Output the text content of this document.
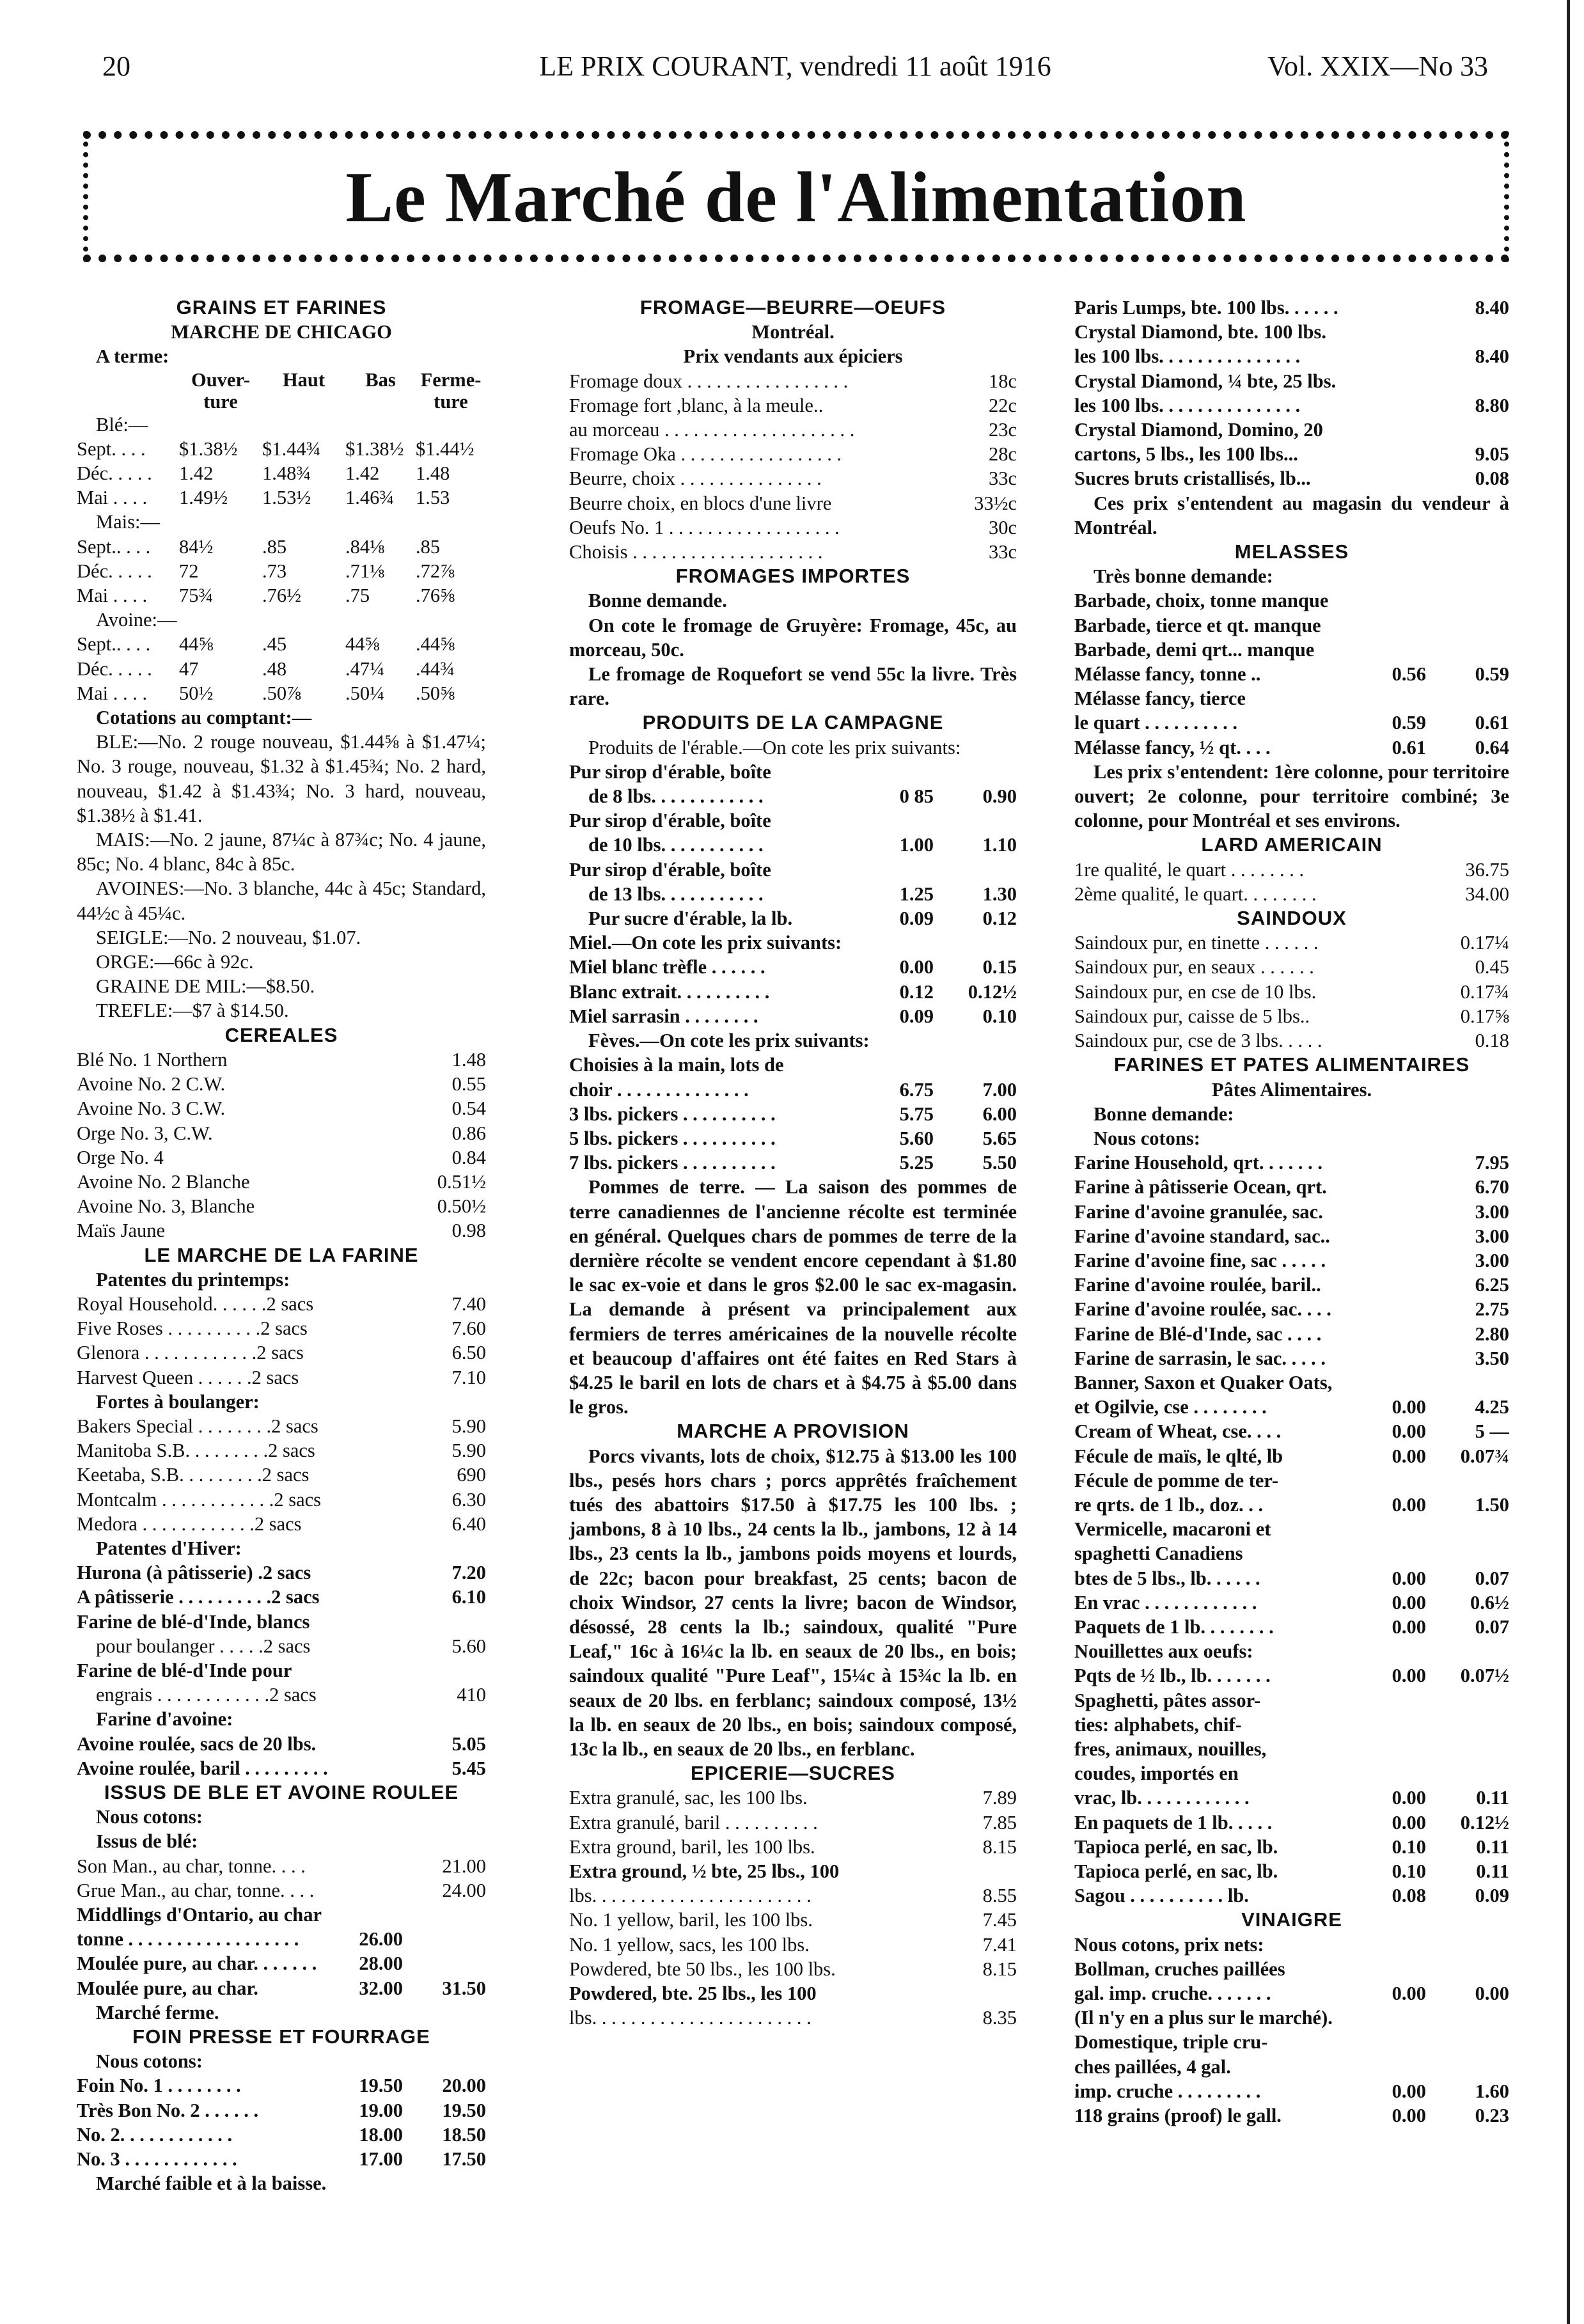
20	LE PRIX COURANT, vendredi 11 août 1916	Vol. XXIX—No 33
Le Marché de l'Alimentation
GRAINS ET FARINES
MARCHE DE CHICAGO
A terme:
Ouver-
ture
Haut	Bas	Ferme-
ture
Blé:—
Sept. . . .	$1.38½	$1.44¾	$1.38½ $1.44½
Déc. . . . .	1.42	1.48¾	1.42	1.48
Mai . . . .	1.49½	1.53½	1.46¾	1.53
Mais:—
Sept.. . . .	84½	.85	.84⅛	.85
Déc. . . . .	72	.73	.71⅛	.72⅞
Mai . . . .	75¾	.76½	.75	.76⅝
Avoine:—
Sept.. . . .	44⅝	.45	44⅝	.44⅝
Déc. . . . .	47	.48	.47¼	.44¾
Mai . . . .	50½	.50⅞	.50¼	.50⅝
Cotations au comptant:—
BLE:—No. 2 rouge nouveau, $1.44⅝ à $1.47¼; No. 3 rouge, nouveau, $1.32 à $1.45¾; No. 2 hard, nouveau, $1.42 à $1.43¾; No. 3 hard, nouveau, $1.38½ à $1.41.
MAIS:—No. 2 jaune, 87¼c à 87¾c; No. 4 jaune, 85c; No. 4 blanc, 84c à 85c.
AVOINES:—No. 3 blanche, 44c à 45c; Standard, 44½c à 45¼c.
SEIGLE:—No. 2 nouveau, $1.07.
ORGE:—66c à 92c.
GRAINE DE MIL:—$8.50.
TREFLE:—$7 à $14.50.
CEREALES
Blé No. 1 Northern	1.48
Avoine No. 2 C.W.	0.55
Avoine No. 3 C.W.	0.54
Orge No. 3, C.W.	0.86
Orge No. 4	0.84
Avoine No. 2 Blanche	0.51½
Avoine No. 3, Blanche	0.50½
Maïs Jaune	0.98
LE MARCHE DE LA FARINE
Patentes du printemps:
Royal Household. . . . . .2 sacs	7.40
Five Roses . . . . . . . . . .2 sacs	7.60
Glenora . . . . . . . . . . . .2 sacs	6.50
Harvest Queen . . . . . .2 sacs	7.10
Fortes à boulanger:
Bakers Special . . . . . . . .2 sacs	5.90
Manitoba S.B. . . . . . . . .2 sacs	5.90
Keetaba, S.B. . . . . . . . .2 sacs	690
Montcalm . . . . . . . . . . . .2 sacs	6.30
Medora . . . . . . . . . . . .2 sacs	6.40
Patentes d'Hiver:
Hurona (à pâtisserie) .2 sacs	7.20
A pâtisserie . . . . . . . . . .2 sacs	6.10
Farine de blé-d'Inde, blancs
pour boulanger . . . . .2 sacs	5.60
Farine de blé-d'Inde pour
engrais . . . . . . . . . . . .2 sacs	410
Farine d'avoine:
Avoine roulée, sacs de 20 lbs.	5.05
Avoine roulée, baril . . . . . . . . .	5.45
ISSUS DE BLE ET AVOINE ROULEE
Nous cotons:
Issus de blé:
Son Man., au char, tonne. . . .	21.00
Grue Man., au char, tonne. . . .	24.00
Middlings d'Ontario, au char
tonne . . . . . . . . . . . . . . . . . .	26.00
Moulée pure, au char. . . . . . .	28.00
Moulée pure, au char.	32.00	31.50
Marché ferme.
FOIN PRESSE ET FOURRAGE
Nous cotons:
Foin No. 1 . . . . . . . .	19.50	20.00
Très Bon No. 2 . . . . . .	19.00	19.50
No. 2. . . . . . . . . . . .	18.00	18.50
No. 3 . . . . . . . . . . . .	17.00	17.50
Marché faible et à la baisse.
FROMAGE—BEURRE—OEUFS
Montréal.
Prix vendants aux épiciers
Fromage doux . . . . . . . . . . . . . . . . .	18c
Fromage fort ,blanc, à la meule..	22c
au morceau . . . . . . . . . . . . . . . . . . . .	23c
Fromage Oka . . . . . . . . . . . . . . . . .	28c
Beurre, choix . . . . . . . . . . . . . . .	33c
Beurre choix, en blocs d'une livre	33½c
Oeufs No. 1 . . . . . . . . . . . . . . . . . .	30c
Choisis . . . . . . . . . . . . . . . . . . . .	33c
FROMAGES IMPORTES
Bonne demande.
On cote le fromage de Gruyère: Fromage, 45c, au morceau, 50c.
Le fromage de Roquefort se vend 55c la livre. Très rare.
PRODUITS DE LA CAMPAGNE
Produits de l'érable.—On cote les prix suivants:
Pur sirop d'érable, boîte
de 8 lbs. . . . . . . . . . . .	0 85	0.90
Pur sirop d'érable, boîte
de 10 lbs. . . . . . . . . . .	1.00	1.10
Pur sirop d'érable, boîte
de 13 lbs. . . . . . . . . . .	1.25	1.30
Pur sucre d'érable, la lb.	0.09	0.12
Miel.—On cote les prix suivants:
Miel blanc trèfle . . . . . .	0.00	0.15
Blanc extrait. . . . . . . . . .	0.12	0.12½
Miel sarrasin . . . . . . . .	0.09	0.10
Fèves.—On cote les prix suivants:
Choisies à la main, lots de
choir . . . . . . . . . . . . . .	6.75	7.00
3 lbs. pickers . . . . . . . . . .	5.75	6.00
5 lbs. pickers . . . . . . . . . .	5.60	5.65
7 lbs. pickers . . . . . . . . . .	5.25	5.50
Pommes de terre. — La saison des pommes de terre canadiennes de l'ancienne récolte est terminée en général. Quelques chars de pommes de terre de la dernière récolte se vendent encore cependant à $1.80 le sac ex-voie et dans le gros $2.00 le sac ex-magasin. La demande à présent va principalement aux fermiers de terres américaines de la nouvelle récolte et beaucoup d'affaires ont été faites en Red Stars à $4.25 le baril en lots de chars et à $4.75 à $5.00 dans le gros.
MARCHE A PROVISION
Porcs vivants, lots de choix, $12.75 à $13.00 les 100 lbs., pesés hors chars ; porcs apprêtés fraîchement tués des abattoirs $17.50 à $17.75 les 100 lbs. ; jambons, 8 à 10 lbs., 24 cents la lb., jambons, 12 à 14 lbs., 23 cents la lb., jambons poids moyens et lourds, de 22c; bacon pour breakfast, 25 cents; bacon de choix Windsor, 27 cents la livre; bacon de Windsor, désossé, 28 cents la lb.; saindoux, qualité "Pure Leaf," 16c à 16¼c la lb. en seaux de 20 lbs., en bois; saindoux qualité "Pure Leaf", 15¼c à 15¾c la lb. en seaux de 20 lbs. en ferblanc; saindoux composé, 13½ la lb. en seaux de 20 lbs., en bois; saindoux composé, 13c la lb., en seaux de 20 lbs., en ferblanc.
EPICERIE—SUCRES
Extra granulé, sac, les 100 lbs.	7.89
Extra granulé, baril . . . . . . . . . .	7.85
Extra ground, baril, les 100 lbs.	8.15
Extra ground, ½ bte, 25 lbs., 100
lbs. . . . . . . . . . . . . . . . . . . . . . .	8.55
No. 1 yellow, baril, les 100 lbs.	7.45
No. 1 yellow, sacs, les 100 lbs.	7.41
Powdered, bte 50 lbs., les 100 lbs.	8.15
Powdered, bte. 25 lbs., les 100
lbs. . . . . . . . . . . . . . . . . . . . . . .	8.35
Paris Lumps, bte. 100 lbs. . . . . .	8.40
Crystal Diamond, bte. 100 lbs.
les 100 lbs. . . . . . . . . . . . . . .	8.40
Crystal Diamond, ¼ bte, 25 lbs.
les 100 lbs. . . . . . . . . . . . . . .	8.80
Crystal Diamond, Domino, 20
cartons, 5 lbs., les 100 lbs...	9.05
Sucres bruts cristallisés, lb...	0.08
Ces prix s'entendent au magasin du vendeur à Montréal.
MELASSES
Très bonne demande:
Barbade, choix, tonne manque
Barbade, tierce et qt. manque
Barbade, demi qrt... manque
Mélasse fancy, tonne ..	0.56	0.59
Mélasse fancy, tierce
le quart . . . . . . . . . .	0.59	0.61
Mélasse fancy, ½ qt. . . .	0.61	0.64
Les prix s'entendent: 1ère colonne, pour territoire ouvert; 2e colonne, pour territoire combiné; 3e colonne, pour Montréal et ses environs.
LARD AMERICAIN
1re qualité, le quart . . . . . . . .	36.75
2ème qualité, le quart. . . . . . . .	34.00
SAINDOUX
Saindoux pur, en tinette . . . . . .	0.17¼
Saindoux pur, en seaux . . . . . .	0.45
Saindoux pur, en cse de 10 lbs.	0.17¾
Saindoux pur, caisse de 5 lbs..	0.17⅝
Saindoux pur, cse de 3 lbs. . . . .	0.18
FARINES ET PATES ALIMENTAIRES
Pâtes Alimentaires.
Bonne demande:
Nous cotons:
Farine Household, qrt. . . . . . .	7.95
Farine à pâtisserie Ocean, qrt.	6.70
Farine d'avoine granulée, sac.	3.00
Farine d'avoine standard, sac..	3.00
Farine d'avoine fine, sac . . . . .	3.00
Farine d'avoine roulée, baril..	6.25
Farine d'avoine roulée, sac. . . .	2.75
Farine de Blé-d'Inde, sac . . . .	2.80
Farine de sarrasin, le sac. . . . .	3.50
Banner, Saxon et Quaker Oats,
et Ogilvie, cse . . . . . . . .	0.00	4.25
Cream of Wheat, cse. . . .	0.00	5 —
Fécule de maïs, le qlté, lb	0.00	0.07¾
Fécule de pomme de ter-
re qrts. de 1 lb., doz. . .	0.00	1.50
Vermicelle, macaroni et
spaghetti Canadiens
btes de 5 lbs., lb. . . . . .	0.00	0.07
En vrac . . . . . . . . . . . .	0.00	0.6½
Paquets de 1 lb. . . . . . . .	0.00	0.07
Nouillettes aux oeufs:
Pqts de ½ lb., lb. . . . . . .	0.00	0.07½
Spaghetti, pâtes assor-
ties: alphabets, chif-
fres, animaux, nouilles,
coudes, importés en
vrac, lb. . . . . . . . . . . .	0.00	0.11
En paquets de 1 lb. . . . .	0.00	0.12½
Tapioca perlé, en sac, lb.	0.10	0.11
Tapioca perlé, en sac, lb.	0.10	0.11
Sagou . . . . . . . . . . lb.	0.08	0.09
VINAIGRE
Nous cotons, prix nets:
Bollman, cruches paillées
gal. imp. cruche. . . . . . .	0.00	0.00
(Il n'y en a plus sur le marché).
Domestique, triple cru-
ches paillées, 4 gal.
imp. cruche . . . . . . . . .	0.00	1.60
118 grains (proof) le gall.	0.00	0.23
